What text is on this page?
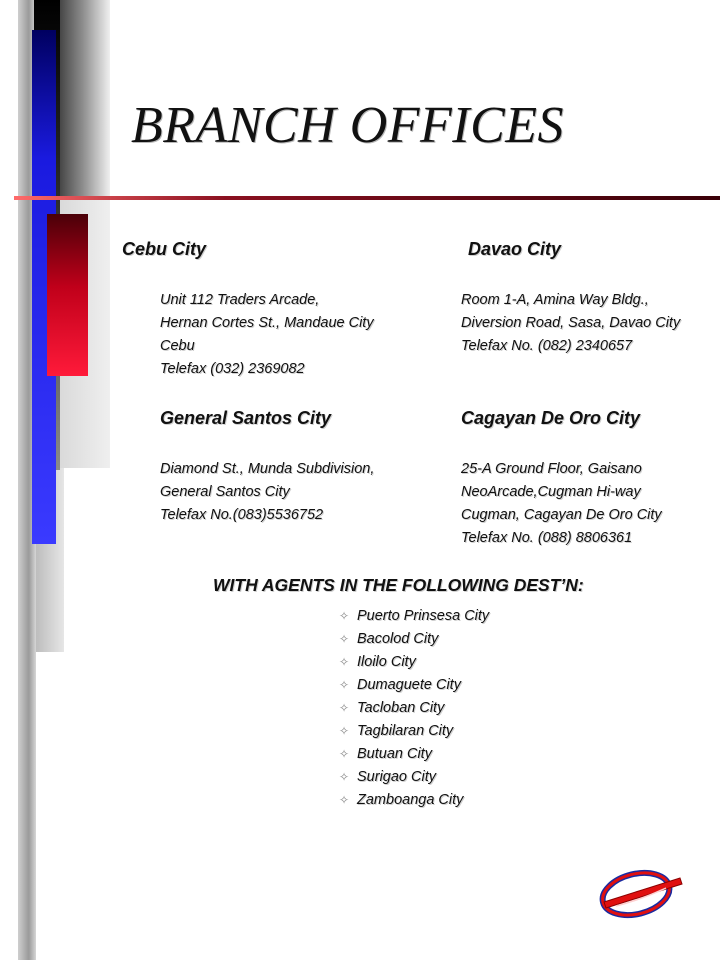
BRANCH OFFICES
Cebu City
Unit 112 Traders Arcade,
Hernan Cortes St., Mandaue City
Cebu
Telefax (032) 2369082
Davao City
Room 1-A, Amina Way Bldg.,
Diversion Road, Sasa, Davao City
Telefax No. (082) 2340657
General Santos City
Diamond St., Munda Subdivision,
General Santos City
Telefax No.(083)5536752
Cagayan De Oro City
25-A Ground Floor, Gaisano
NeoArcade,Cugman Hi-way
Cugman, Cagayan De Oro City
Telefax No. (088) 8806361
WITH AGENTS IN THE FOLLOWING DEST’N:
✧ Puerto Prinsesa City
✧ Bacolod City
✧ Iloilo City
✧ Dumaguete City
✧ Tacloban City
✧ Tagbilaran City
✧ Butuan City
✧ Surigao City
✧ Zamboanga City
